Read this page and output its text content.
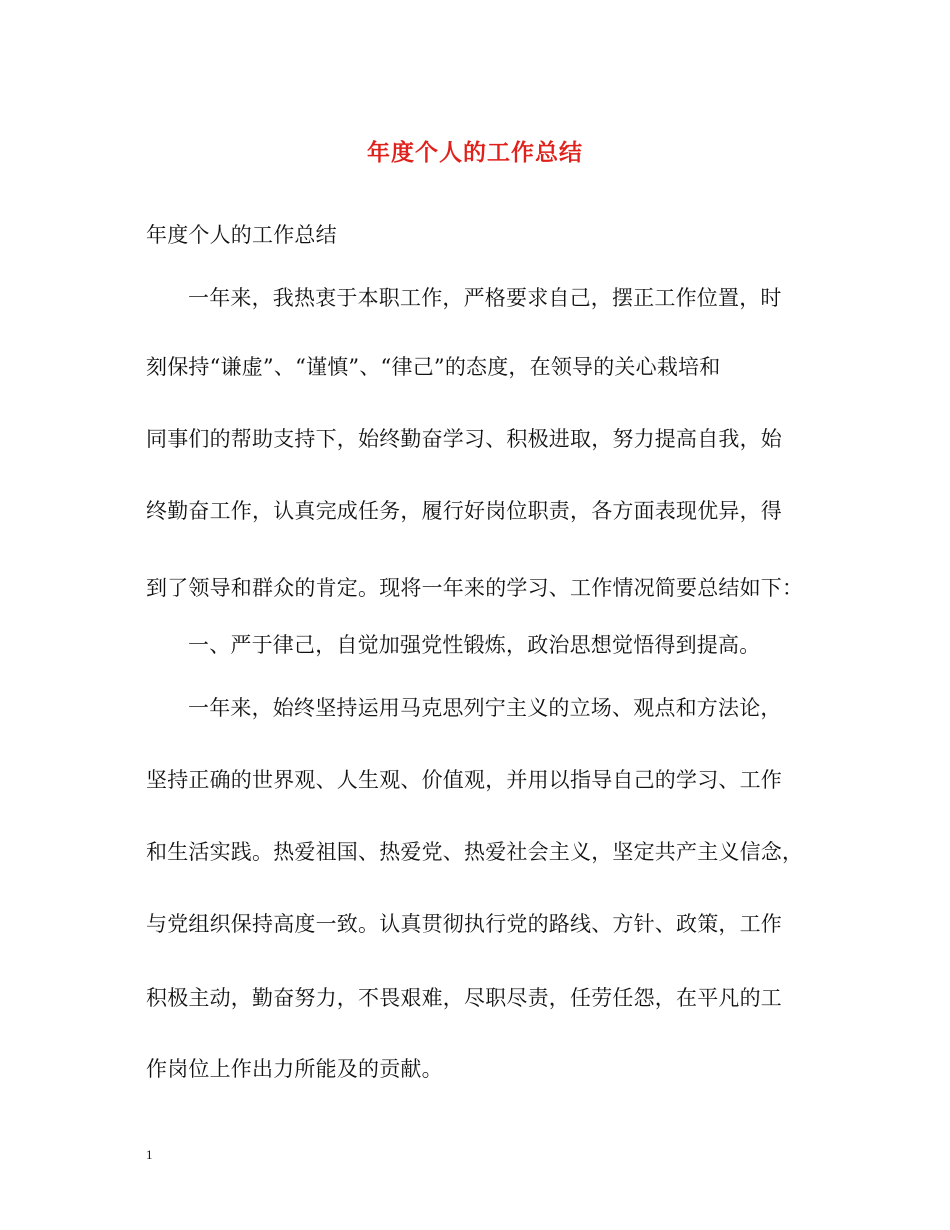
年度个人的工作总结
年度个人的工作总结
一年来，我热衷于本职工作，严格要求自己，摆正工作位置，时
刻保持“谦虚”、“谨慎”、“律己”的态度，在领导的关心栽培和
同事们的帮助支持下，始终勤奋学习、积极进取，努力提高自我，始
终勤奋工作，认真完成任务，履行好岗位职责，各方面表现优异，得
到了领导和群众的肯定。现将一年来的学习、工作情况简要总结如下：
一、严于律己，自觉加强党性锻炼，政治思想觉悟得到提高。
一年来，始终坚持运用马克思列宁主义的立场、观点和方法论，
坚持正确的世界观、人生观、价值观，并用以指导自己的学习、工作
和生活实践。热爱祖国、热爱党、热爱社会主义，坚定共产主义信念，
与党组织保持高度一致。认真贯彻执行党的路线、方针、政策，工作
积极主动，勤奋努力，不畏艰难，尽职尽责，任劳任怨，在平凡的工
作岗位上作出力所能及的贡献。
1
